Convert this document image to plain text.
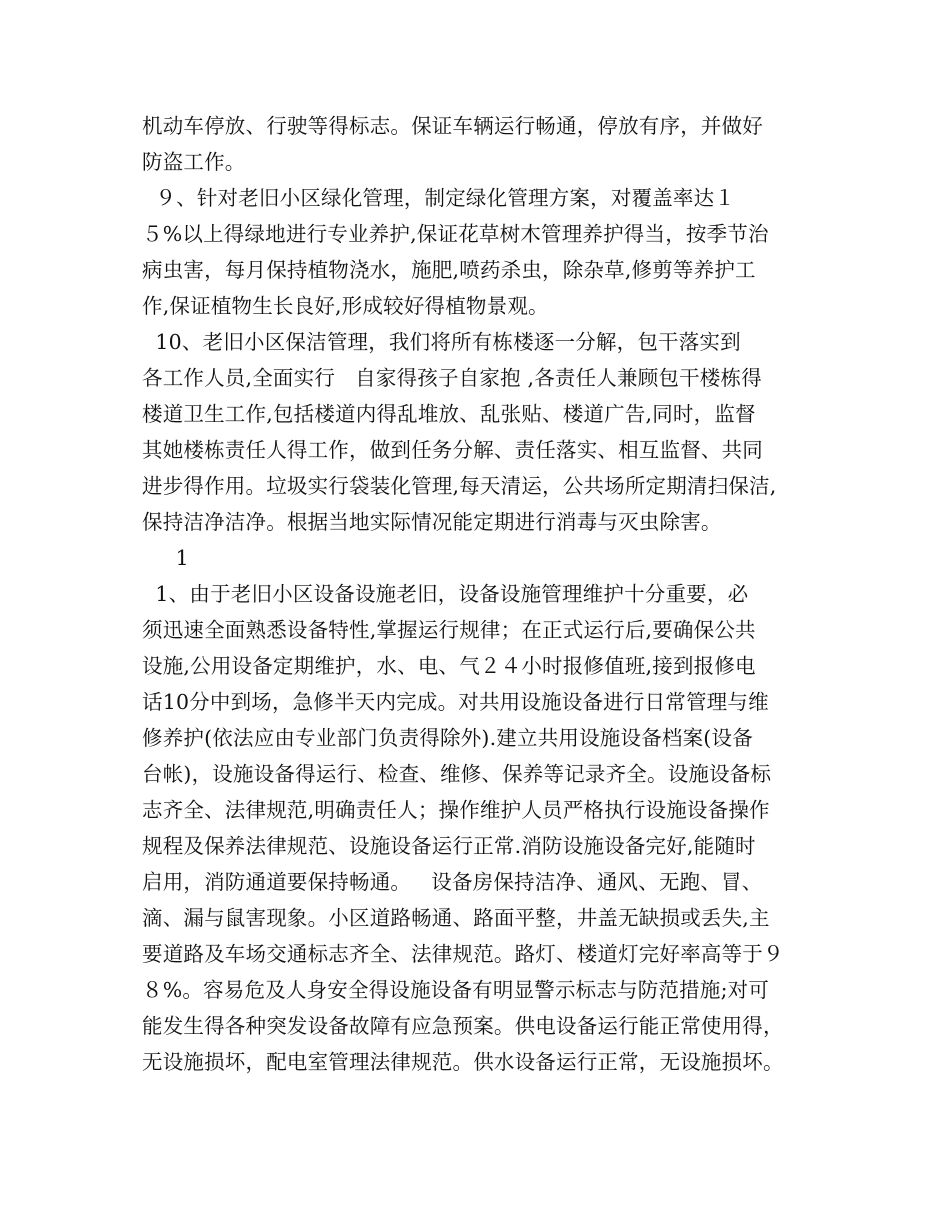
机动车停放、行驶等得标志。保证车辆运行畅通，停放有序，并做好
防盗工作。
９、针对老旧小区绿化管理，制定绿化管理方案，对覆盖率达１
５%以上得绿地进行专业养护,保证花草树木管理养护得当，按季节治
病虫害，每月保持植物浇水，施肥,喷药杀虫，除杂草,修剪等养护工
作,保证植物生长良好,形成较好得植物景观。
10、老旧小区保洁管理，我们将所有栋楼逐一分解，包干落实到
各工作人员,全面实行   自家得孩子自家抱 ,各责任人兼顾包干楼栋得
楼道卫生工作,包括楼道内得乱堆放、乱张贴、楼道广告,同时，监督
其她楼栋责任人得工作，做到任务分解、责任落实、相互监督、共同
进步得作用。垃圾实行袋装化管理,每天清运，公共场所定期清扫保洁,
保持洁净洁净。根据当地实际情况能定期进行消毒与灭虫除害。
1
1、由于老旧小区设备设施老旧，设备设施管理维护十分重要，必
须迅速全面熟悉设备特性,掌握运行规律；在正式运行后,要确保公共
设施,公用设备定期维护，水、电、气２４小时报修值班,接到报修电
话10分中到场，急修半天内完成。对共用设施设备进行日常管理与维
修养护(依法应由专业部门负责得除外).建立共用设施设备档案(设备
台帐)，设施设备得运行、检查、维修、保养等记录齐全。设施设备标
志齐全、法律规范,明确责任人；操作维护人员严格执行设施设备操作
规程及保养法律规范、设施设备运行正常.消防设施设备完好,能随时
启用，消防通道要保持畅通。   设备房保持洁净、通风、无跑、冒、
滴、漏与鼠害现象。小区道路畅通、路面平整，井盖无缺损或丢失,主
要道路及车场交通标志齐全、法律规范。路灯、楼道灯完好率高等于９
８%。容易危及人身安全得设施设备有明显警示标志与防范措施;对可
能发生得各种突发设备故障有应急预案。供电设备运行能正常使用得，
无设施损坏，配电室管理法律规范。供水设备运行正常，无设施损坏。
